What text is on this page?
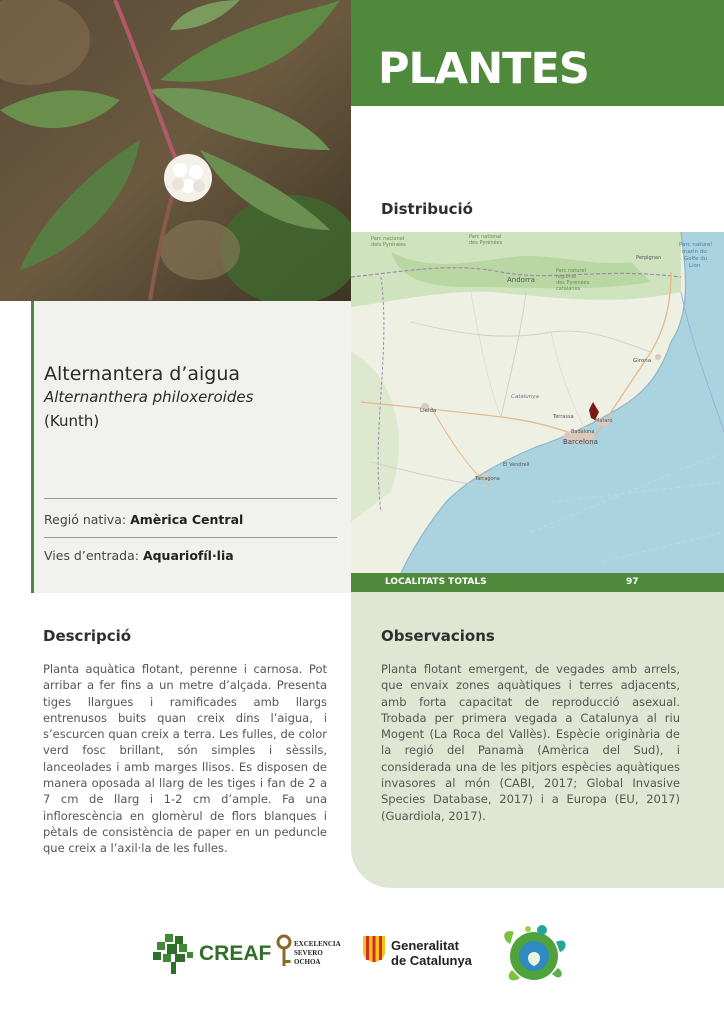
PLANTES

Alternantera d’aigua

Alternanthera philoxeroides

(Kunth)

Regió nativa: Amèrica Central
Vies d’entrada: Aquariofíl·lia
Distribució
Parc nacional
dels Pyrénées
Parc national
des Pyrénées
Parc naturel
régional
des Pyrénées
catalanes
Andorra
Perpignan
Parc naturel
marin du
Golfe du
Lion
Catalunya
Girona
Lleida
Terrassa
Mataró
Badalona
Barcelona
El Vendrell
Tarragona
LOCALITATS TOTALS	97
Descripció

Planta aquàtica flotant, perenne i carnosa. Pot arribar a fer fins a un metre d’alçada. Presenta tiges llargues i ramificades amb llargs entrenusos buits quan creix dins l’aigua, i s’escurcen quan creix a terra. Les fulles, de color verd fosc brillant, són simples i sèssils, lanceolades i amb marges llisos. Es disposen de manera oposada al llarg de les tiges i fan de 2 a 7 cm de llarg i 1-2 cm d’ample. Fa una inflorescència en glomèrul de flors blanques i pètals de consistència de paper en un peduncle que creix a l’axil·la de les fulles.

Observacions

Planta flotant emergent, de vegades amb arrels, que envaix zones aquàtiques i terres adjacents, amb forta capacitat de reproducció asexual. Trobada per primera vegada a Catalunya al riu Mogent (La Roca del Vallès). Espècie originària de la regió del Panamà (Amèrica del Sud), i considerada una de les pitjors espècies aquàtiques invasores al món (CABI, 2017; Global Invasive Species Database, 2017) i a Europa (EU, 2017) (Guardiola, 2017).

CREAF	EXCELENCIA
SEVERO
OCHOA
Generalitat
de Catalunya
